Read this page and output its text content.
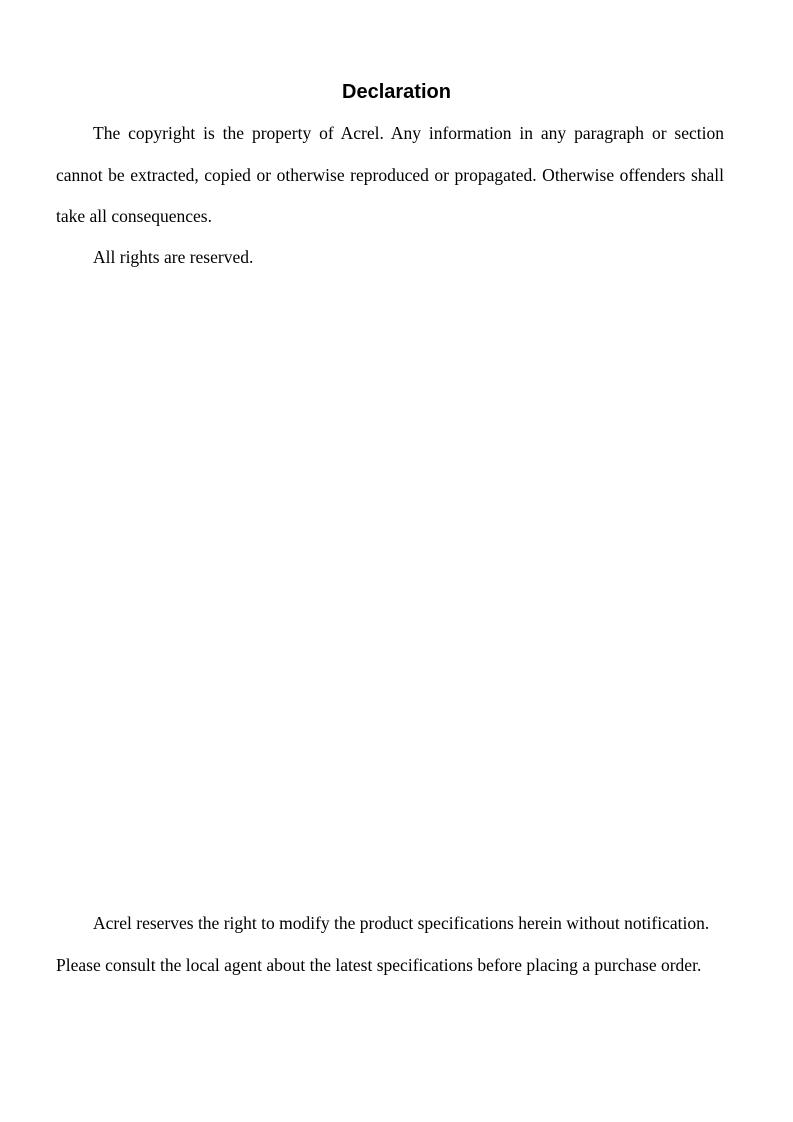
Declaration

The copyright is the property of Acrel. Any information in any paragraph or section cannot be extracted, copied or otherwise reproduced or propagated. Otherwise offenders shall take all consequences.

All rights are reserved.

Acrel reserves the right to modify the product specifications herein without notification. Please consult the local agent about the latest specifications before placing a purchase order.
